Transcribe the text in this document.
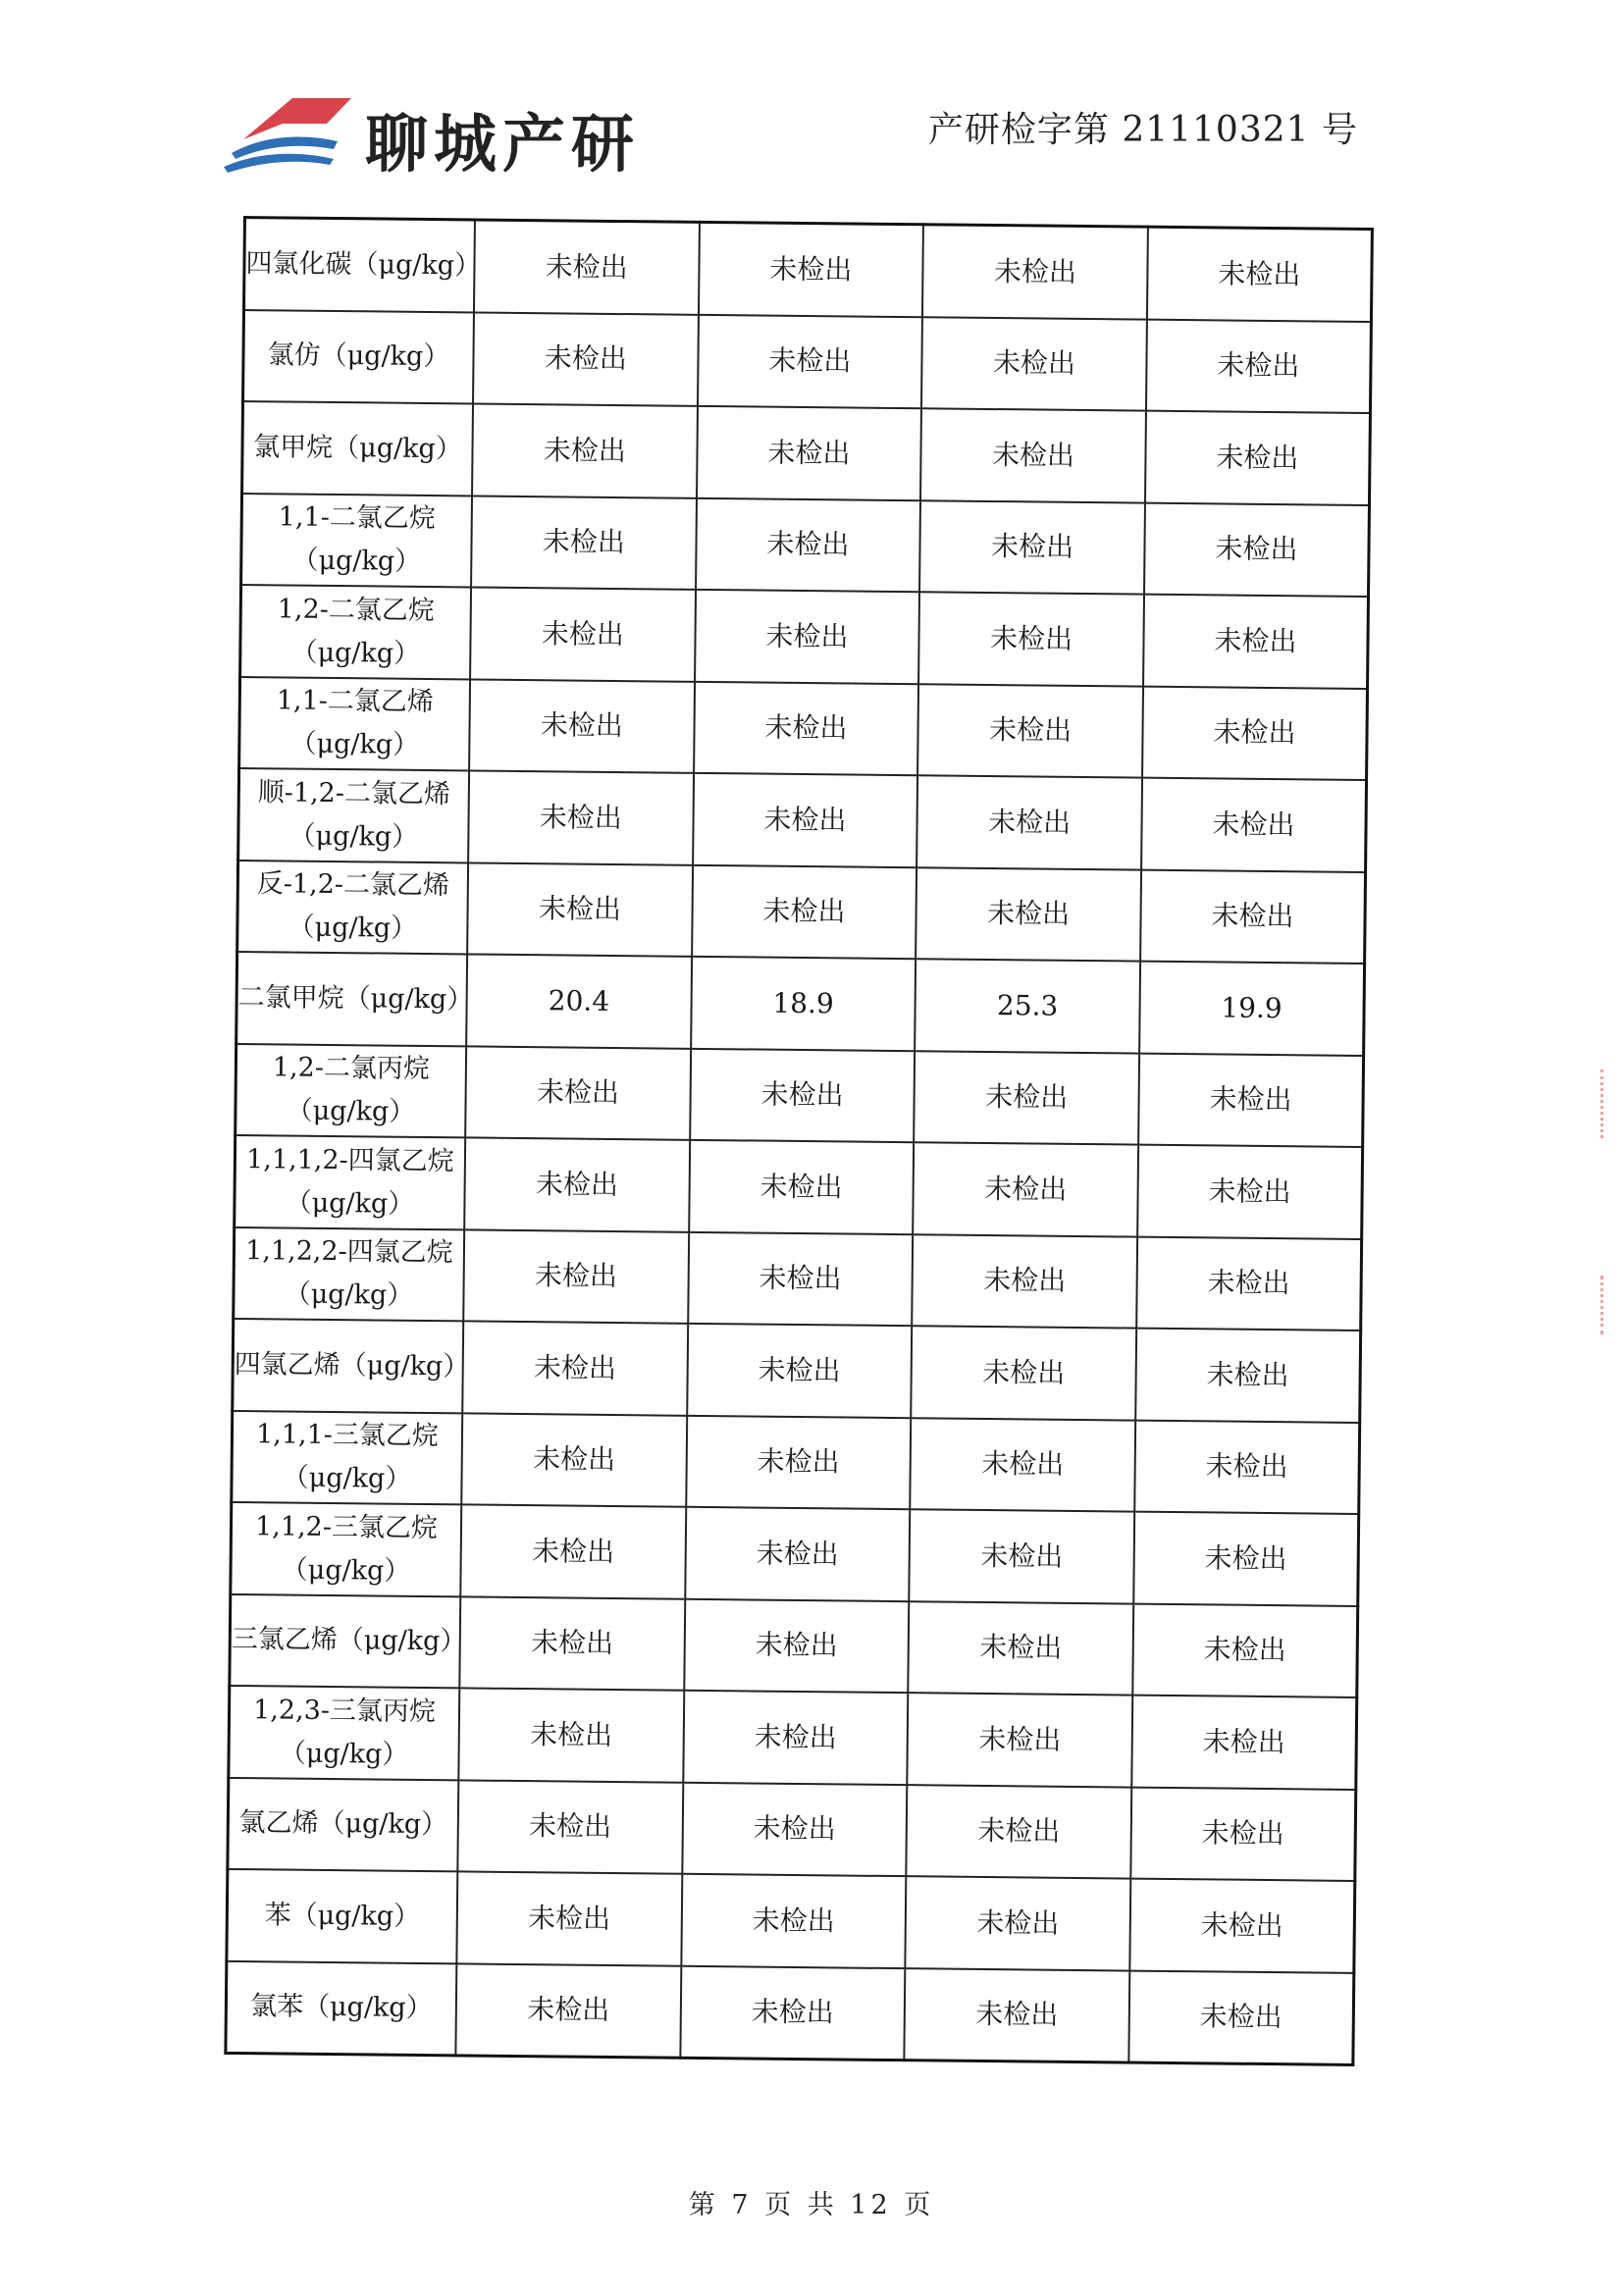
聊城产研	产研检字第 21110321 号
四氯化碳（μg/kg）	未检出	未检出	未检出	未检出
氯仿（μg/kg）	未检出	未检出	未检出	未检出
氯甲烷（μg/kg）	未检出	未检出	未检出	未检出
1,1-二氯乙烷
（μg/kg）	未检出	未检出	未检出	未检出
1,2-二氯乙烷
（μg/kg）	未检出	未检出	未检出	未检出
1,1-二氯乙烯
（μg/kg）	未检出	未检出	未检出	未检出
顺-1,2-二氯乙烯
（μg/kg）	未检出	未检出	未检出	未检出
反-1,2-二氯乙烯
（μg/kg）	未检出	未检出	未检出	未检出
二氯甲烷（μg/kg）	20.4	18.9	25.3	19.9
1,2-二氯丙烷
（μg/kg）	未检出	未检出	未检出	未检出
1,1,1,2-四氯乙烷
（μg/kg）	未检出	未检出	未检出	未检出
1,1,2,2-四氯乙烷
（μg/kg）	未检出	未检出	未检出	未检出
四氯乙烯（μg/kg）	未检出	未检出	未检出	未检出
1,1,1-三氯乙烷
（μg/kg）	未检出	未检出	未检出	未检出
1,1,2-三氯乙烷
（μg/kg）	未检出	未检出	未检出	未检出
三氯乙烯（μg/kg）	未检出	未检出	未检出	未检出
1,2,3-三氯丙烷
（μg/kg）	未检出	未检出	未检出	未检出
氯乙烯（μg/kg）	未检出	未检出	未检出	未检出
苯（μg/kg）	未检出	未检出	未检出	未检出
氯苯（μg/kg）	未检出	未检出	未检出	未检出
第 7 页 共 12 页
